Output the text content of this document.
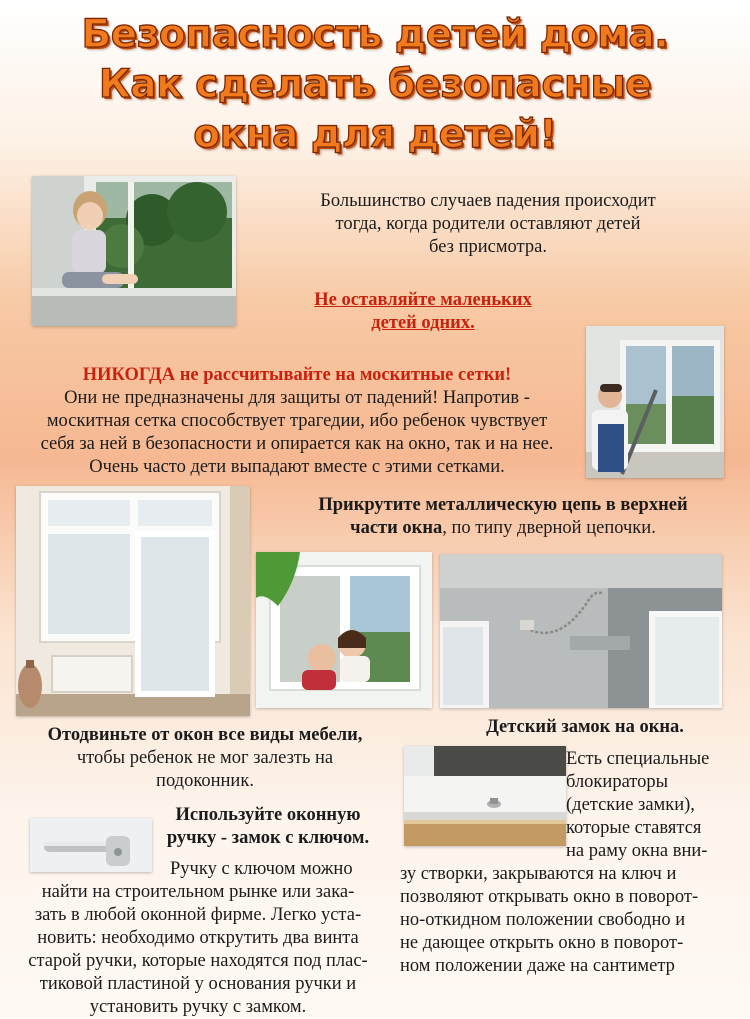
Безопасность детей дома.
Как сделать безопасные
окна для детей!
Большинство случаев падения происходит
тогда, когда родители оставляют детей
без присмотра.
Не оставляйте маленьких
детей одних.
НИКОГДА не рассчитывайте на москитные сетки!
Они не предназначены для защиты от падений! Напротив -
москитная сетка способствует трагедии, ибо ребенок чувствует
себя за ней в безопасности и опирается как на окно, так и на нее.
Очень часто дети выпадают вместе с этими сетками.
Прикрутите металлическую цепь в верхней
части окна, по типу дверной цепочки.
Отодвиньте от окон все виды мебели,
чтобы ребенок не мог залезть на
подоконник.
Детский замок на окна.
Есть специальные
блокираторы
(детские замки),
которые ставятся
на раму окна вни-
зу створки, закрываются на ключ и
позволяют открывать окно в поворот-
но-откидном положении свободно и
не дающее открыть окно в поворот-
ном положении даже на сантиметр
Используйте оконную
ручку - замок с ключом.
Ручку с ключом можно
найти на строительном рынке или зака-
зать в любой оконной фирме. Легко уста-
новить: необходимо открутить два винта
старой ручки, которые находятся под плас-
тиковой пластиной у основания ручки и
установить ручку с замком.
